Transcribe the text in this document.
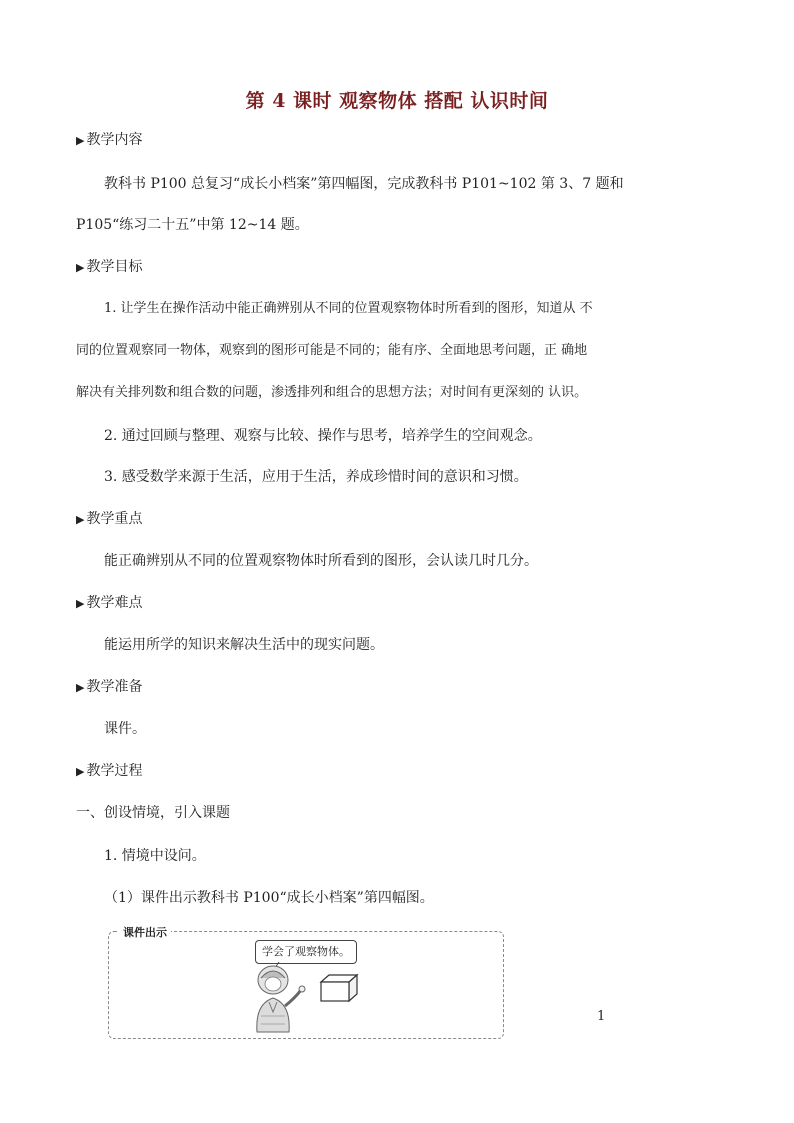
第 4 课时 观察物体 搭配 认识时间
▶ 教学内容
教科书 P100 总复习“成长小档案”第四幅图，完成教科书 P101~102 第 3、7 题和
P105“练习二十五”中第 12~14 题。
▶ 教学目标
1. 让学生在操作活动中能正确辨别从不同的位置观察物体时所看到的图形，知道从 不
同的位置观察同一物体，观察到的图形可能是不同的；能有序、全面地思考问题，正 确地
解决有关排列数和组合数的问题，渗透排列和组合的思想方法；对时间有更深刻的 认识。
2. 通过回顾与整理、观察与比较、操作与思考，培养学生的空间观念。
3. 感受数学来源于生活，应用于生活，养成珍惜时间的意识和习惯。
▶ 教学重点
能正确辨别从不同的位置观察物体时所看到的图形，会认读几时几分。
▶ 教学难点
能运用所学的知识来解决生活中的现实问题。
▶ 教学准备
课件。
▶ 教学过程
一、创设情境，引入课题
1. 情境中设问。
（1）课件出示教科书 P100“成长小档案”第四幅图。
课件出示
学会了观察物体。
1
